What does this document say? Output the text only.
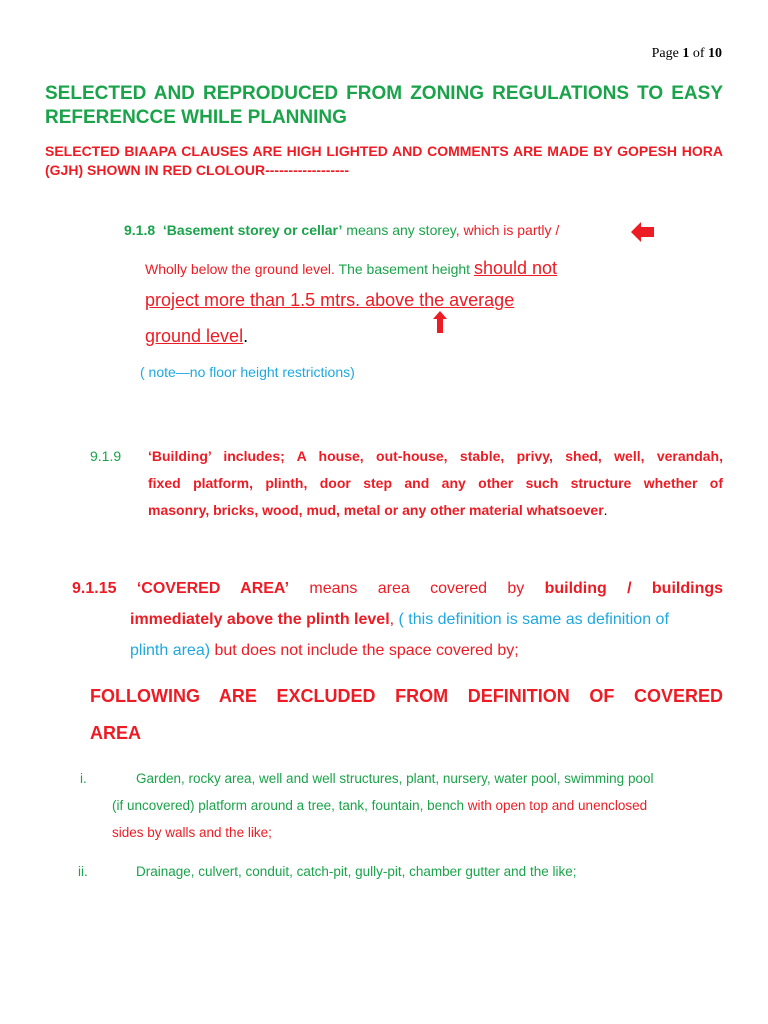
Page 1 of 10
SELECTED AND REPRODUCED FROM ZONING REGULATIONS TO EASY REFERENCCE WHILE PLANNING
SELECTED BIAAPA CLAUSES ARE HIGH LIGHTED AND COMMENTS ARE MADE BY GOPESH HORA (GJH) SHOWN IN RED CLOLOUR------------------
9.1.8 ‘Basement storey or cellar’ means any storey, which is partly /
Wholly below the ground level. The basement height should not
project more than 1.5 mtrs. above the average
ground level.
( note—no floor height restrictions)
9.1.9 ‘Building’ includes; A house, out-house, stable, privy, shed, well, verandah,
fixed platform, plinth, door step and any other such structure whether of
masonry, bricks, wood, mud, metal or any other material whatsoever.
9.1.15 ‘COVERED AREA’ means area covered by building / buildings
immediately above the plinth level, ( this definition is same as definition of
plinth area) but does not include the space covered by;
FOLLOWING ARE EXCLUDED FROM DEFINITION OF COVERED
AREA
i.	Garden, rocky area, well and well structures, plant, nursery, water pool, swimming pool
(if uncovered) platform around a tree, tank, fountain, bench with open top and unenclosed
sides by walls and the like;
ii.	Drainage, culvert, conduit, catch-pit, gully-pit, chamber gutter and the like;
